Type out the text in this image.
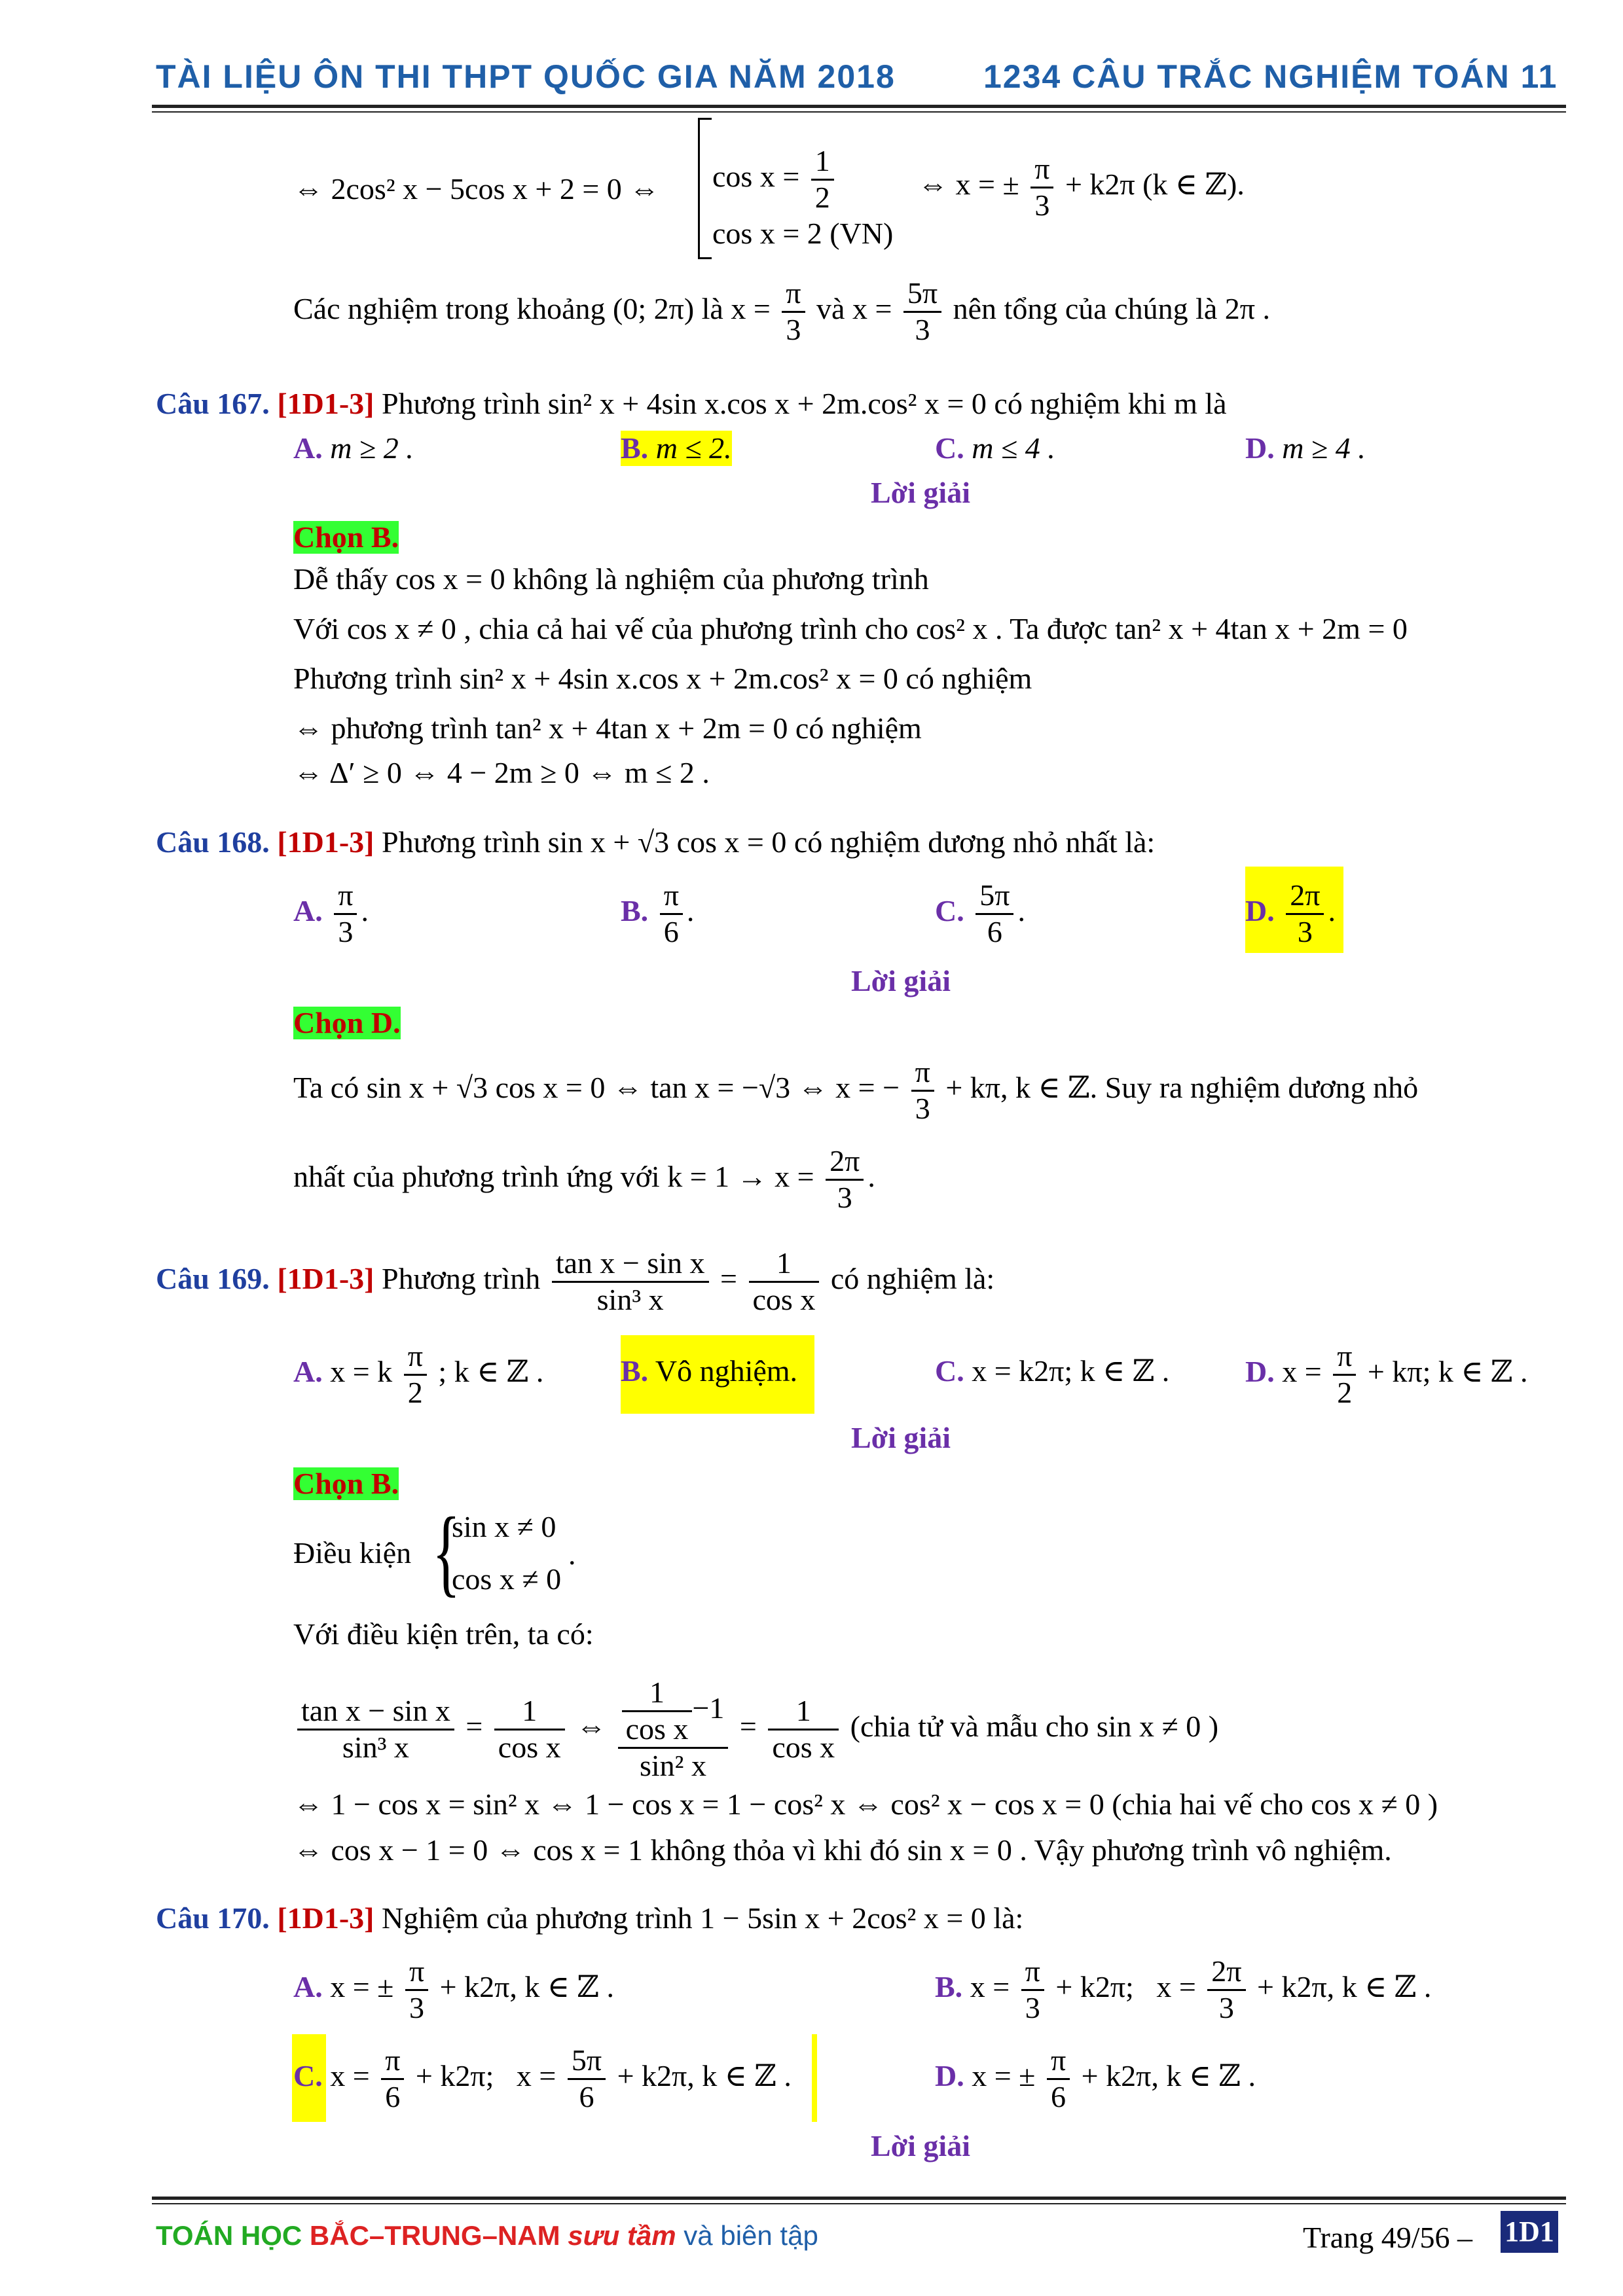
TÀI LIỆU ÔN THI THPT QUỐC GIA NĂM 2018	1234 CÂU TRẮC NGHIỆM TOÁN 11
⇔ 2cos² x − 5cos x + 2 = 0 ⇔ $\cos x = \frac{1}{2}$
cos x = 2 (VN)
⇔ x = ± $\frac{\pi}{3} + k2\pi$ (k ∈ ℤ).
Các nghiệm trong khoảng (0; 2π) là $x = \frac{\pi}{3}$ và $x = \frac{5\pi}{3}$ nên tổng của chúng là 2π .
Câu 167. [1D1-3] Phương trình sin² x + 4sin x.cos x + 2m.cos² x = 0 có nghiệm khi m là
A. m ≥ 2 .	B. m ≤ 2.	C. m ≤ 4 .	D. m ≥ 4 .
Lời giải
Chọn B.
Dễ thấy cos x = 0 không là nghiệm của phương trình
Với cos x ≠ 0 , chia cả hai vế của phương trình cho cos² x . Ta được tan² x + 4tan x + 2m = 0
Phương trình sin² x + 4sin x.cos x + 2m.cos² x = 0 có nghiệm
⇔ phương trình tan² x + 4tan x + 2m = 0 có nghiệm
⇔ Δ′ ≥ 0 ⇔ 4 − 2m ≥ 0 ⇔ m ≤ 2 .
Câu 168. [1D1-3] Phương trình sin x + √3 cos x = 0 có nghiệm dương nhỏ nhất là:
A. $\frac{\pi}{3}$ .	B. $\frac{\pi}{6}$ .	C. $\frac{5\pi}{6}$ .	D. $\frac{2\pi}{3}$ .
Lời giải
Chọn D.
Ta có sin x + √3 cos x = 0 ⇔ tan x = −√3 ⇔ x = − $\frac{\pi}{3} + k\pi$, k ∈ ℤ. Suy ra nghiệm dương nhỏ
nhất của phương trình ứng với $k = 1 \to x = \frac{2\pi}{3}$ .
Câu 169. [1D1-3] Phương trình $\frac{\text{tan x − sin x}}{\text{sin³ x}} = \frac{1}{\text{cos x}}$ có nghiệm là:
A. x = k $\frac{\pi}{2}$ ; k ∈ ℤ .	B. Vô nghiệm.	C. x = k2π; k ∈ ℤ .	D. $x = \frac{\pi}{2} + k\pi$; k ∈ ℤ .
Lời giải
Chọn B.
Điều kiện {
sin x ≠ 0
cos x ≠ 0
.
Với điều kiện trên, ta có:
$\frac{\text{tan x − sin x}}{\text{sin³ x}} = \frac{1}{\text{cos x}}$ ⇔ $\frac{\frac{1}{\text{cos x}} -1}{\text{sin² x}} = \frac{1}{\text{cos x}}$ (chia tử và mẫu cho sin x ≠ 0 )
⇔ 1 − cos x = sin² x ⇔ 1 − cos x = 1 − cos² x ⇔ cos² x − cos x = 0 (chia hai vế cho cos x ≠ 0 )
⇔ cos x − 1 = 0 ⇔ cos x = 1 không thỏa vì khi đó sin x = 0 . Vậy phương trình vô nghiệm.
Câu 170. [1D1-3] Nghiệm của phương trình 1 − 5sin x + 2cos² x = 0 là:
A. x = ± $\frac{\pi}{3} + k2\pi$, k ∈ ℤ .	B. $x = \frac{\pi}{3} + k2\pi$; $x = \frac{2\pi}{3} + k2\pi$, k ∈ ℤ .
C. $x = \frac{\pi}{6} + k2\pi$; $x = \frac{5\pi}{6} + k2\pi$, k ∈ ℤ .	D. x = ± $\frac{\pi}{6} + k2\pi$, k ∈ ℤ .
Lời giải
TOÁN HỌC BẮC–TRUNG–NAM sưu tầm và biên tập	Trang 49/56 – 1D1
